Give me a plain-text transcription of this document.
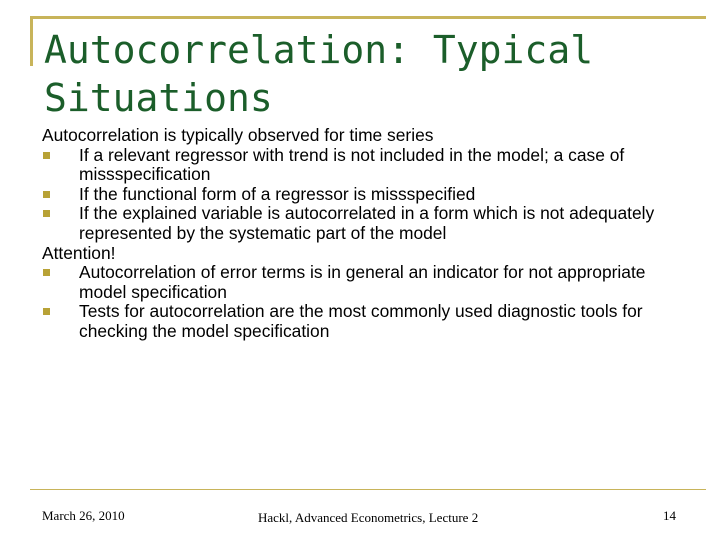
Autocorrelation: Typical
Situations

Autocorrelation is typically observed for time series

If a relevant regressor with trend is not included in the model; a case of missspecification
If the functional form of a regressor is missspecified
If the explained variable is autocorrelated in a form which is not adequately represented by the systematic part of the model

Attention!

Autocorrelation of error terms is in general an indicator for not appropriate model specification
Tests for autocorrelation are the most commonly used diagnostic tools for checking the model specification
March 26, 2010	Hackl, Advanced Econometrics, Lecture 2	14
